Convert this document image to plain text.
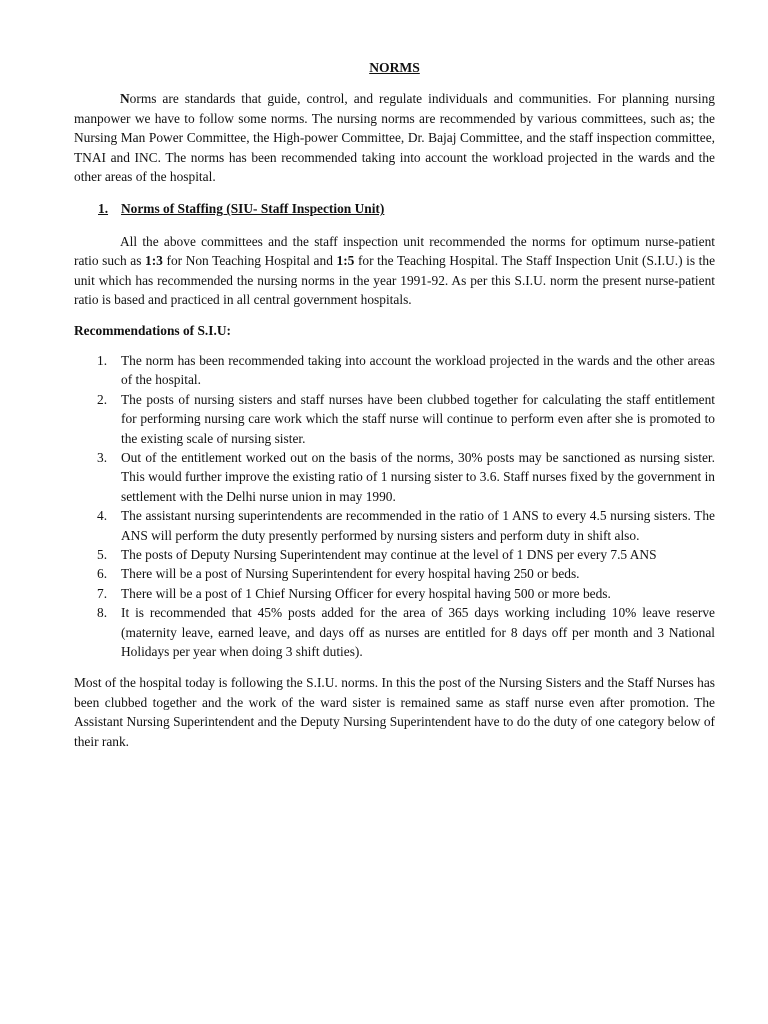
NORMS

Norms are standards that guide, control, and regulate individuals and communities. For planning nursing manpower we have to follow some norms. The nursing norms are recommended by various committees, such as; the Nursing Man Power Committee, the High-power Committee, Dr. Bajaj Committee, and the staff inspection committee, TNAI and INC. The norms has been recommended taking into account the workload projected in the wards and the other areas of the hospital.

1. Norms of Staffing (SIU- Staff Inspection Unit)

All the above committees and the staff inspection unit recommended the norms for optimum nurse-patient ratio such as 1:3 for Non Teaching Hospital and 1:5 for the Teaching Hospital. The Staff Inspection Unit (S.I.U.) is the unit which has recommended the nursing norms in the year 1991-92. As per this S.I.U. norm the present nurse-patient ratio is based and practiced in all central government hospitals.

Recommendations of S.I.U:
1.	The norm has been recommended taking into account the workload projected in the wards and the other areas of the hospital.
2.	The posts of nursing sisters and staff nurses have been clubbed together for calculating the staff entitlement for performing nursing care work which the staff nurse will continue to perform even after she is promoted to the existing scale of nursing sister.
3.	Out of the entitlement worked out on the basis of the norms, 30% posts may be sanctioned as nursing sister. This would further improve the existing ratio of 1 nursing sister to 3.6. Staff nurses fixed by the government in settlement with the Delhi nurse union in may 1990.
4.	The assistant nursing superintendents are recommended in the ratio of 1 ANS to every 4.5 nursing sisters. The ANS will perform the duty presently performed by nursing sisters and perform duty in shift also.
5.	The posts of Deputy Nursing Superintendent may continue at the level of 1 DNS per every 7.5 ANS
6.	There will be a post of Nursing Superintendent for every hospital having 250 or beds.
7.	There will be a post of 1 Chief Nursing Officer for every hospital having 500 or more beds.
8.	It is recommended that 45% posts added for the area of 365 days working including 10% leave reserve (maternity leave, earned leave, and days off as nurses are entitled for 8 days off per month and 3 National Holidays per year when doing 3 shift duties).

Most of the hospital today is following the S.I.U. norms. In this the post of the Nursing Sisters and the Staff Nurses has been clubbed together and the work of the ward sister is remained same as staff nurse even after promotion. The Assistant Nursing Superintendent and the Deputy Nursing Superintendent have to do the duty of one category below of their rank.
